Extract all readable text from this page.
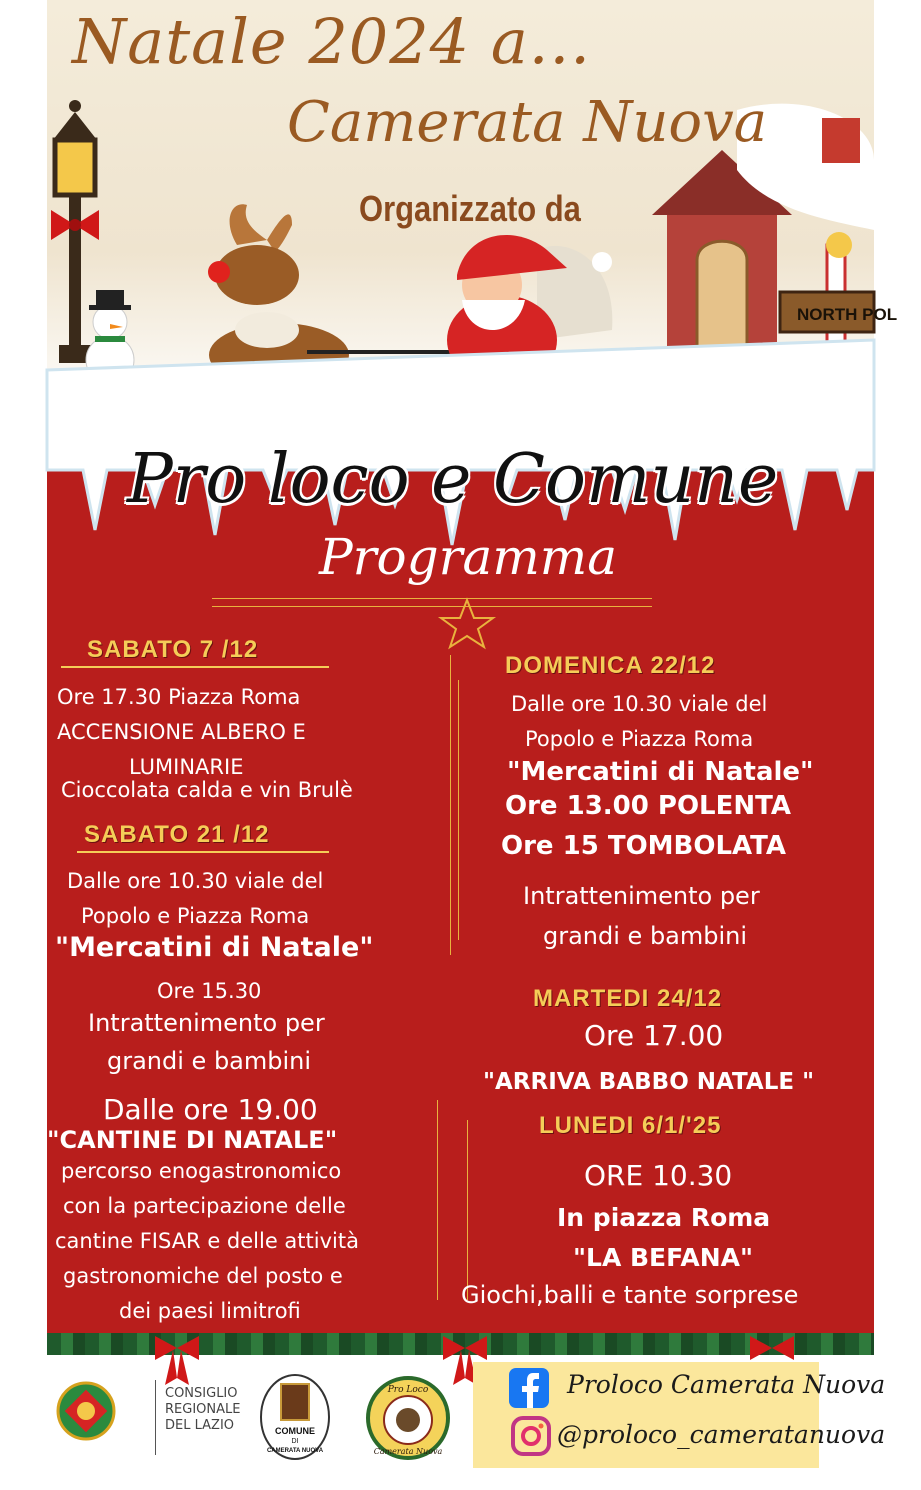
NORTH POL
Natale 2024 a...
Camerata Nuova
Organizzato da
Pro loco e Comune
Programma
SABATO 7 /12
Ore 17.30 Piazza Roma
ACCENSIONE ALBERO E
LUMINARIE
Cioccolata calda e vin Brulè
SABATO 21 /12
Dalle ore 10.30 viale del
Popolo e Piazza Roma
"Mercatini di Natale"
Ore 15.30
Intrattenimento per
grandi e bambini
Dalle ore 19.00
"CANTINE DI NATALE"
percorso enogastronomico
con la partecipazione delle
cantine FISAR e delle attività
gastronomiche del posto e
dei paesi limitrofi
DOMENICA 22/12
Dalle ore 10.30 viale del
Popolo e Piazza Roma
"Mercatini di Natale"
Ore 13.00 POLENTA
Ore 15 TOMBOLATA
Intrattenimento per
grandi e bambini
MARTEDI 24/12
Ore 17.00
"ARRIVA BABBO NATALE "
LUNEDI 6/1/'25
ORE 10.30
In piazza Roma
"LA BEFANA"
Giochi,balli e tante sorprese
CONSIGLIO
REGIONALE
DEL LAZIO	COMUNE
DI
CAMERATA NUOVA
Pro Loco
Camerata Nuova
Proloco Camerata Nuova
@proloco_cameratanuova
